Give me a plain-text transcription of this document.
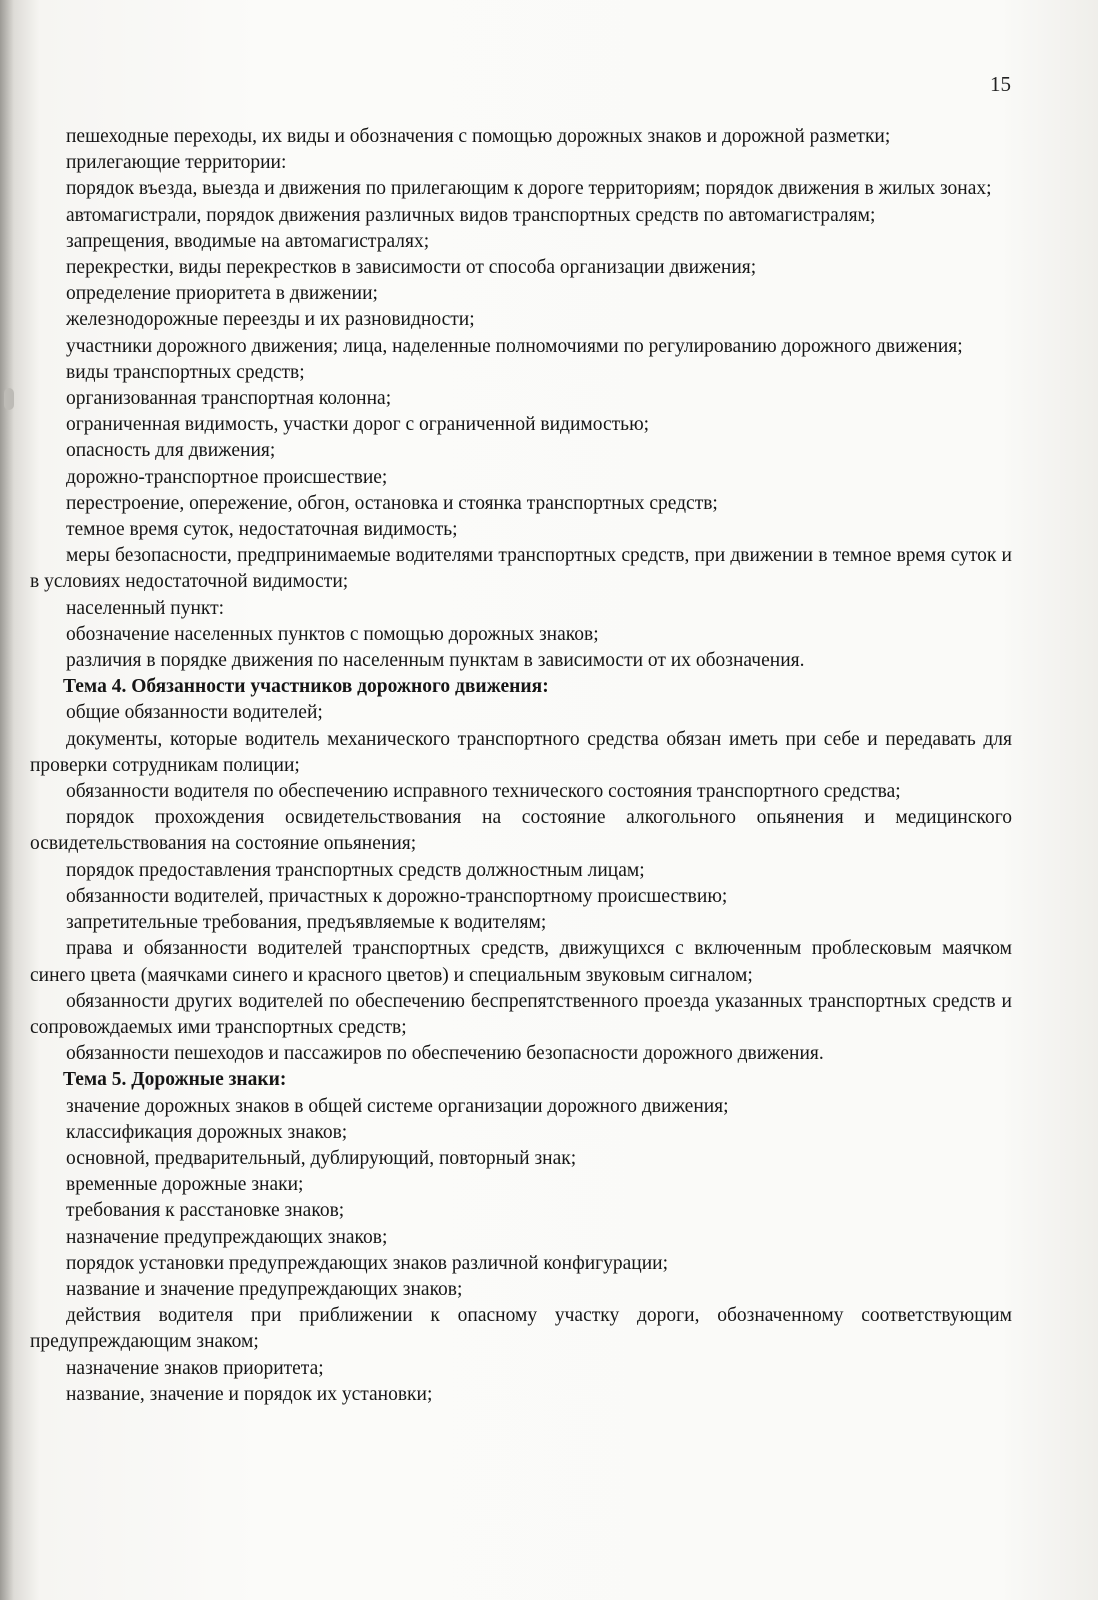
15

пешеходные переходы, их виды и обозначения с помощью дорожных знаков и дорожной разметки;

прилегающие территории:

порядок въезда, выезда и движения по прилегающим к дороге территориям; порядок движения в жилых зонах;

автомагистрали, порядок движения различных видов транспортных средств по автомагистралям;

запрещения, вводимые на автомагистралях;

перекрестки, виды перекрестков в зависимости от способа организации движения;

определение приоритета в движении;

железнодорожные переезды и их разновидности;

участники дорожного движения; лица, наделенные полномочиями по регулированию дорожного движения;

виды транспортных средств;

организованная транспортная колонна;

ограниченная видимость, участки дорог с ограниченной видимостью;

опасность для движения;

дорожно-транспортное происшествие;

перестроение, опережение, обгон, остановка и стоянка транспортных средств;

темное время суток, недостаточная видимость;

меры безопасности, предпринимаемые водителями транспортных средств, при движении в темное время суток и в условиях недостаточной видимости;

населенный пункт:

обозначение населенных пунктов с помощью дорожных знаков;

различия в порядке движения по населенным пунктам в зависимости от их обозначения.

Тема 4. Обязанности участников дорожного движения:

общие обязанности водителей;

документы, которые водитель механического транспортного средства обязан иметь при себе и передавать для проверки сотрудникам полиции;

обязанности водителя по обеспечению исправного технического состояния транспортного средства;

порядок прохождения освидетельствования на состояние алкогольного опьянения и медицинского освидетельствования на состояние опьянения;

порядок предоставления транспортных средств должностным лицам;

обязанности водителей, причастных к дорожно-транспортному происшествию;

запретительные требования, предъявляемые к водителям;

права и обязанности водителей транспортных средств, движущихся с включенным проблесковым маячком синего цвета (маячками синего и красного цветов) и специальным звуковым сигналом;

обязанности других водителей по обеспечению беспрепятственного проезда указанных транспортных средств и сопровождаемых ими транспортных средств;

обязанности пешеходов и пассажиров по обеспечению безопасности дорожного движения.

Тема 5. Дорожные знаки:

значение дорожных знаков в общей системе организации дорожного движения;

классификация дорожных знаков;

основной, предварительный, дублирующий, повторный знак;

временные дорожные знаки;

требования к расстановке знаков;

назначение предупреждающих знаков;

порядок установки предупреждающих знаков различной конфигурации;

название и значение предупреждающих знаков;

действия водителя при приближении к опасному участку дороги, обозначенному соответствующим предупреждающим знаком;

назначение знаков приоритета;

название, значение и порядок их установки;
